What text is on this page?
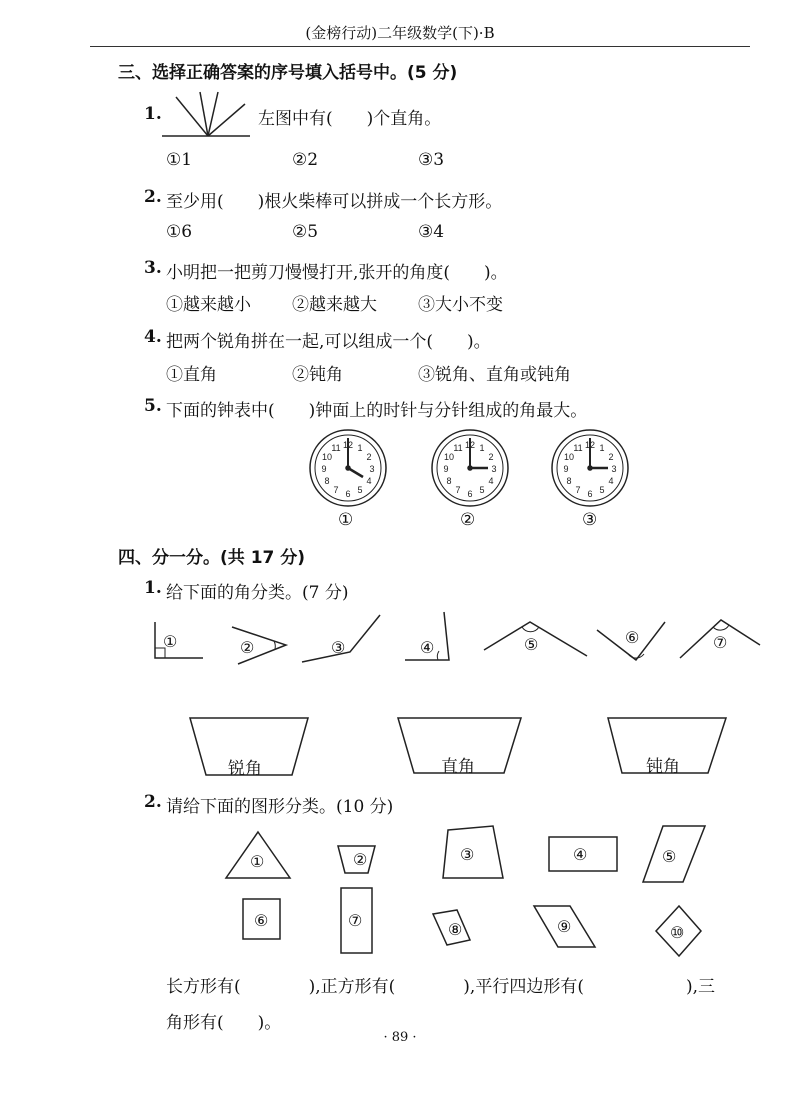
(金榜行动)二年级数学(下)·B
三、选择正确答案的序号填入括号中。(5 分)
1.	左图中有(　　)个直角。
①1	②2	③3
2. 至少用(　　)根火柴棒可以拼成一个长方形。
①6	②5	③4
3. 小明把一把剪刀慢慢打开,张开的角度(　　)。
①越来越小 ②越来越大 ③大小不变
4. 把两个锐角拼在一起,可以组成一个(　　)。
①直角	②钝角	③锐角、直角或钝角
5. 下面的钟表中(　　)钟面上的时针与分针组成的角最大。
①	②	③
四、分一分。(共 17 分)
1. 给下面的角分类。(7 分)
①	②	③	④	⑤	⑥	⑦
锐角	直角	钝角
2. 请给下面的图形分类。(10 分)
①	②	③	④	⑤
⑥	⑦	⑧	⑨	⑩
长方形有(　　　　),正方形有(　　　　),平行四边形有(　　　　　　),三
角形有(　　)。
· 89 ·
12 1
2
3
4
5
6
7
8
9
10
11	12 1
2
3
4
5
6
7
8
9
10
11	12 1
2
3
4
5
6
7
8
9
10
11
